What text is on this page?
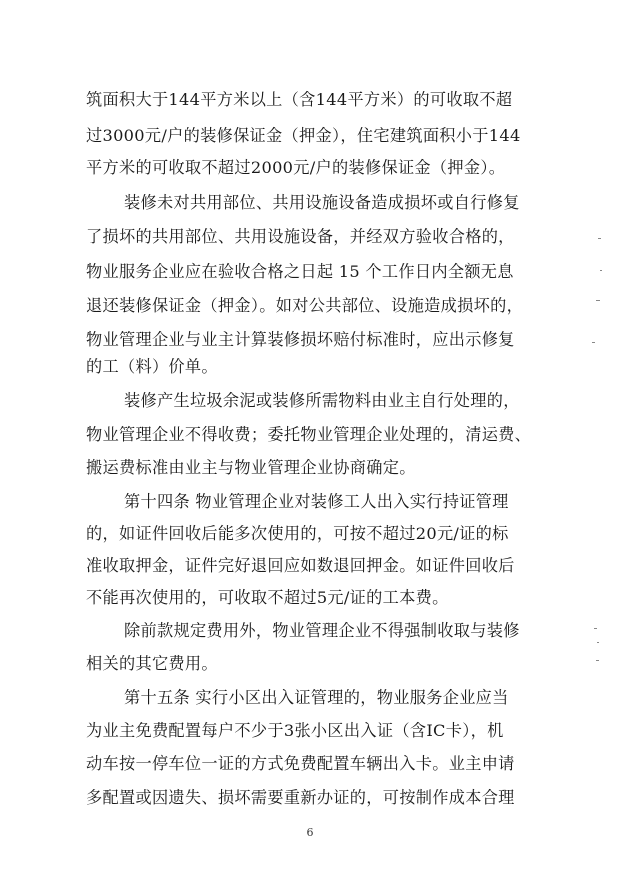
筑面积大于144平方米以上（含144平方米）的可收取不超
过3000元/户的装修保证金（押金），住宅建筑面积小于144
平方米的可收取不超过2000元/户的装修保证金（押金）。
装修未对共用部位、共用设施设备造成损坏或自行修复
了损坏的共用部位、共用设施设备，并经双方验收合格的，
物业服务企业应在验收合格之日起 15 个工作日内全额无息
退还装修保证金（押金）。如对公共部位、设施造成损坏的，
物业管理企业与业主计算装修损坏赔付标准时，应出示修复
的工（料）价单。
装修产生垃圾余泥或装修所需物料由业主自行处理的，
物业管理企业不得收费；委托物业管理企业处理的，清运费、
搬运费标准由业主与物业管理企业协商确定。
第十四条 物业管理企业对装修工人出入实行持证管理
的，如证件回收后能多次使用的，可按不超过20元/证的标
准收取押金，证件完好退回应如数退回押金。如证件回收后
不能再次使用的，可收取不超过5元/证的工本费。
除前款规定费用外，物业管理企业不得强制收取与装修
相关的其它费用。
第十五条 实行小区出入证管理的，物业服务企业应当
为业主免费配置每户不少于3张小区出入证（含IC卡），机
动车按一停车位一证的方式免费配置车辆出入卡。业主申请
多配置或因遗失、损坏需要重新办证的，可按制作成本合理
6
